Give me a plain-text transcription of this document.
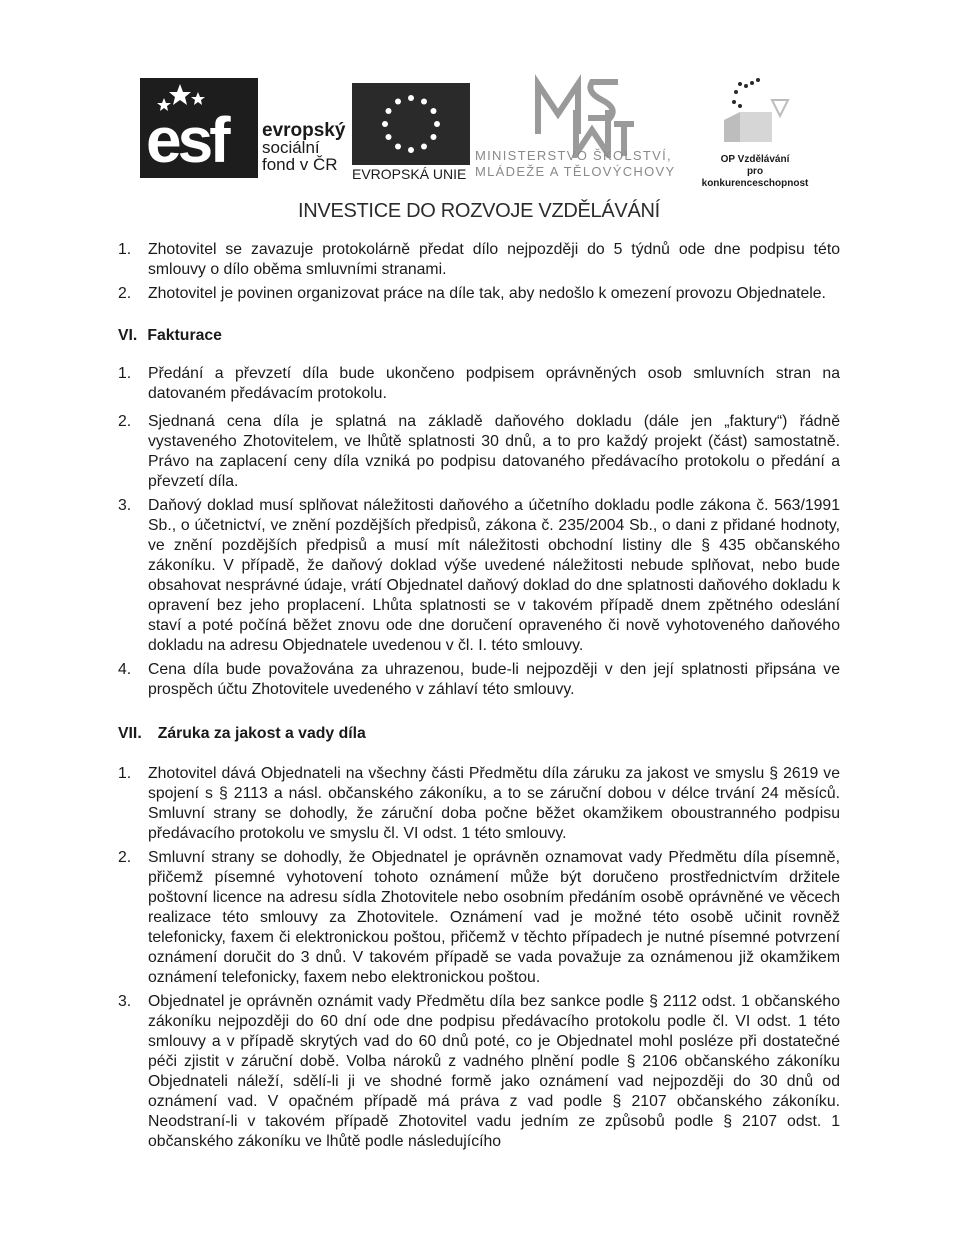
esf evropský
sociální
fond v ČR	EVROPSKÁ UNIE
MINISTERSTVO ŠKOLSTVÍ,
MLÁDEŽE A TĚLOVÝCHOVY
OP Vzdělávání
pro konkurenceschopnost
INVESTICE DO ROZVOJE VZDĚLÁVÁNÍ

1. Zhotovitel se zavazuje protokolárně předat dílo nejpozději do 5 týdnů ode dne podpisu této smlouvy o dílo oběma smluvními stranami.

2. Zhotovitel je povinen organizovat práce na díle tak, aby nedošlo k omezení provozu Objednatele.

VI. Fakturace

1. Předání a převzetí díla bude ukončeno podpisem oprávněných osob smluvních stran na datovaném předávacím protokolu.

2. Sjednaná cena díla je splatná na základě daňového dokladu (dále jen „faktury“) řádně vystaveného Zhotovitelem, ve lhůtě splatnosti 30 dnů, a to pro každý projekt (část) samostatně. Právo na zaplacení ceny díla vzniká po podpisu datovaného předávacího protokolu o předání a převzetí díla.

3. Daňový doklad musí splňovat náležitosti daňového a účetního dokladu podle zákona č. 563/1991 Sb., o účetnictví, ve znění pozdějších předpisů, zákona č. 235/2004 Sb., o dani z přidané hodnoty, ve znění pozdějších předpisů a musí mít náležitosti obchodní listiny dle § 435 občanského zákoníku. V případě, že daňový doklad výše uvedené náležitosti nebude splňovat, nebo bude obsahovat nesprávné údaje, vrátí Objednatel daňový doklad do dne splatnosti daňového dokladu k opravení bez jeho proplacení. Lhůta splatnosti se v takovém případě dnem zpětného odeslání staví a poté počíná běžet znovu ode dne doručení opraveného či nově vyhotoveného daňového dokladu na adresu Objednatele uvedenou v čl. I. této smlouvy.

4. Cena díla bude považována za uhrazenou, bude-li nejpozději v den její splatnosti připsána ve prospěch účtu Zhotovitele uvedeného v záhlaví této smlouvy.

VII. Záruka za jakost a vady díla

1. Zhotovitel dává Objednateli na všechny části Předmětu díla záruku za jakost ve smyslu § 2619 ve spojení s § 2113 a násl. občanského zákoníku, a to se záruční dobou v délce trvání 24 měsíců. Smluvní strany se dohodly, že záruční doba počne běžet okamžikem oboustranného podpisu předávacího protokolu ve smyslu čl. VI odst. 1 této smlouvy.

2. Smluvní strany se dohodly, že Objednatel je oprávněn oznamovat vady Předmětu díla písemně, přičemž písemné vyhotovení tohoto oznámení může být doručeno prostřednictvím držitele poštovní licence na adresu sídla Zhotovitele nebo osobním předáním osobě oprávněné ve věcech realizace této smlouvy za Zhotovitele. Oznámení vad je možné této osobě učinit rovněž telefonicky, faxem či elektronickou poštou, přičemž v těchto případech je nutné písemné potvrzení oznámení doručit do 3 dnů. V takovém případě se vada považuje za oznámenou již okamžikem oznámení telefonicky, faxem nebo elektronickou poštou.

3. Objednatel je oprávněn oznámit vady Předmětu díla bez sankce podle § 2112 odst. 1 občanského zákoníku nejpozději do 60 dní ode dne podpisu předávacího protokolu podle čl. VI odst. 1 této smlouvy a v případě skrytých vad do 60 dnů poté, co je Objednatel mohl posléze při dostatečné péči zjistit v záruční době. Volba nároků z vadného plnění podle § 2106 občanského zákoníku Objednateli náleží, sdělí-li ji ve shodné formě jako oznámení vad nejpozději do 30 dnů od oznámení vad. V opačném případě má práva z vad podle § 2107 občanského zákoníku. Neodstraní-li v takovém případě Zhotovitel vadu jedním ze způsobů podle § 2107 odst. 1 občanského zákoníku ve lhůtě podle následujícího
